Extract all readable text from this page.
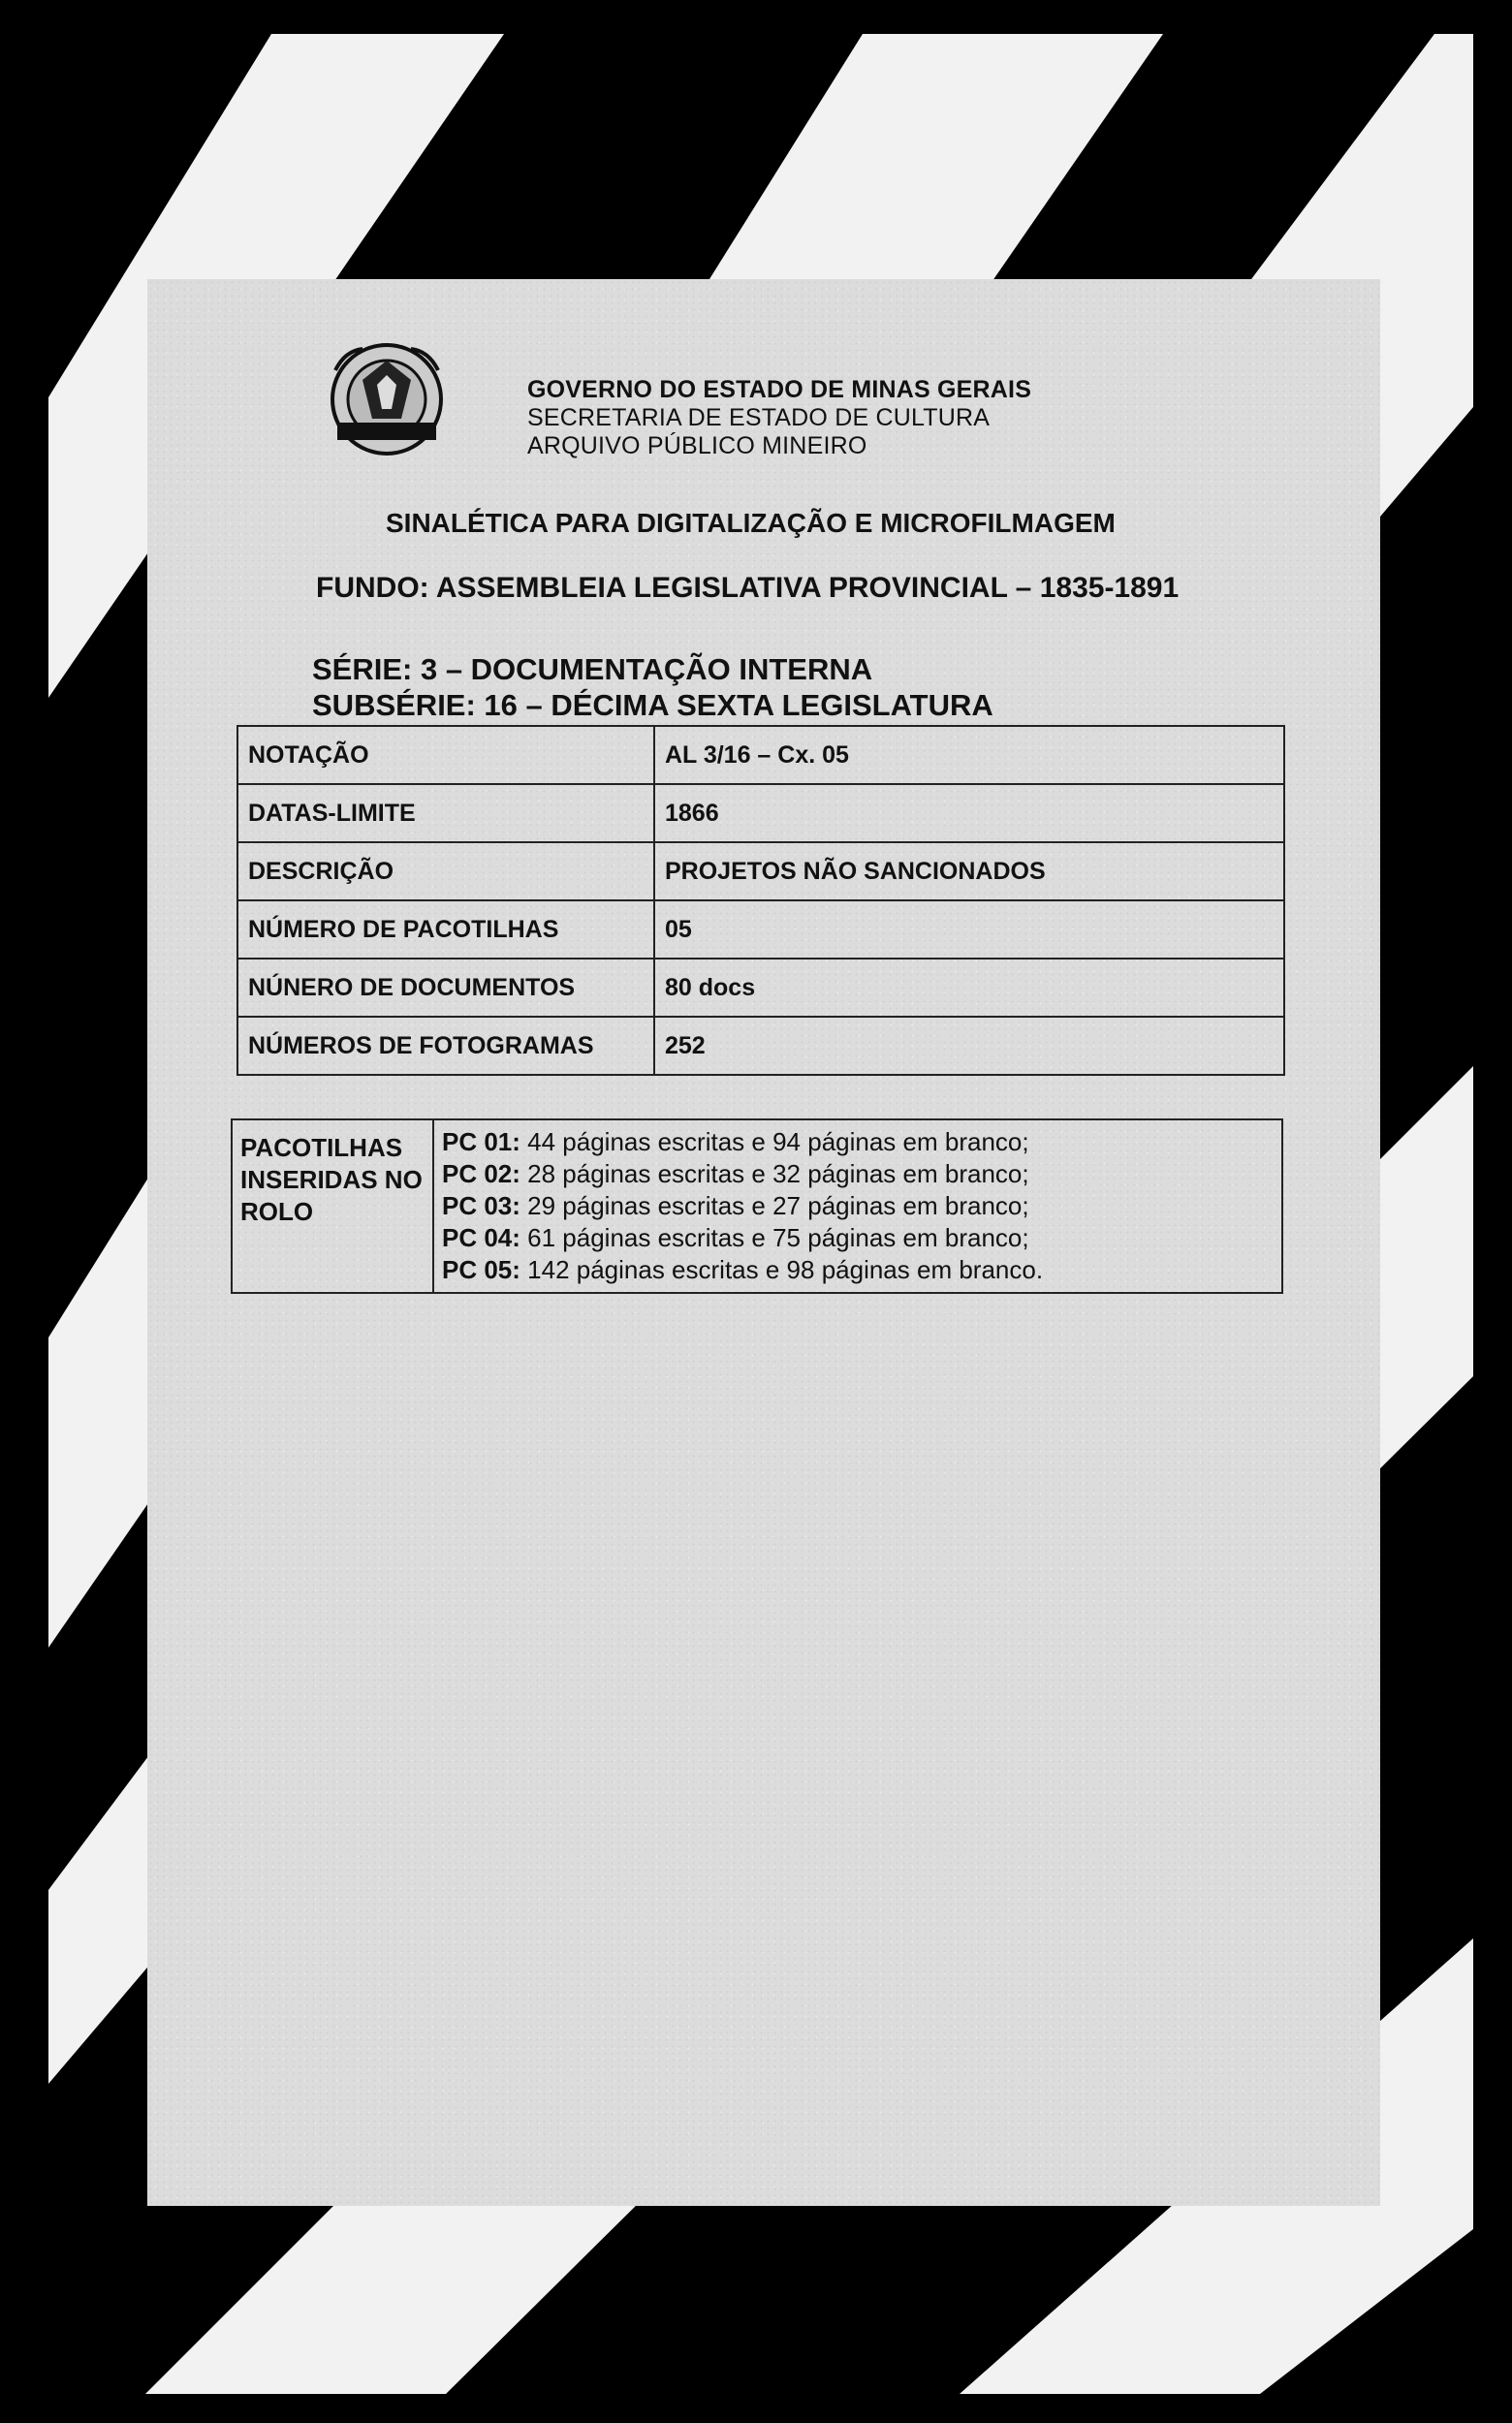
GOVERNO DO ESTADO DE MINAS GERAIS
SECRETARIA DE ESTADO DE CULTURA
ARQUIVO PÚBLICO MINEIRO
SINALÉTICA PARA DIGITALIZAÇÃO E MICROFILMAGEM
FUNDO: ASSEMBLEIA LEGISLATIVA PROVINCIAL – 1835-1891
SÉRIE: 3 – DOCUMENTAÇÃO INTERNA
SUBSÉRIE: 16 – DÉCIMA SEXTA LEGISLATURA
NOTAÇÃO	AL 3/16 – Cx. 05
DATAS-LIMITE	1866
DESCRIÇÃO	PROJETOS NÃO SANCIONADOS
NÚMERO DE PACOTILHAS	05
NÚNERO DE DOCUMENTOS	80 docs
NÚMEROS DE FOTOGRAMAS	252
PACOTILHAS INSERIDAS NO ROLO	
PC 01: 44 páginas escritas e 94 páginas em branco;
PC 02: 28 páginas escritas e 32 páginas em branco;
PC 03: 29 páginas escritas e 27 páginas em branco;
PC 04: 61 páginas escritas e 75 páginas em branco;
PC 05: 142 páginas escritas e 98 páginas em branco.
